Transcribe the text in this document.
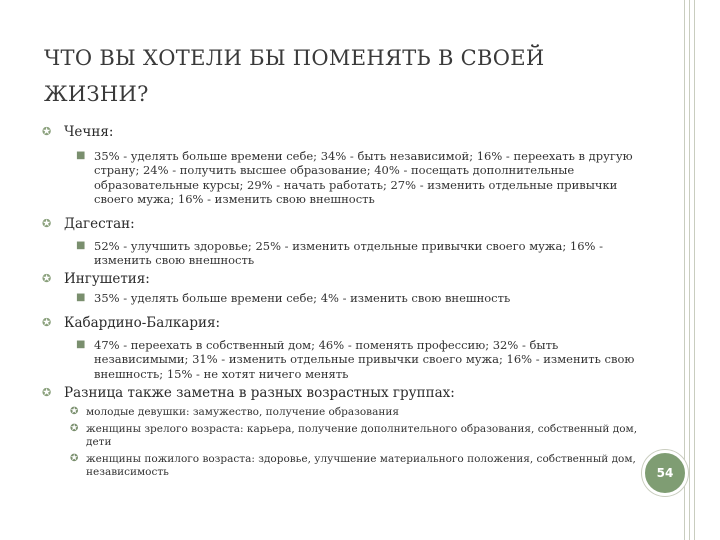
ЧТО ВЫ ХОТЕЛИ БЫ ПОМЕНЯТЬ В СВОЕЙ ЖИЗНИ?
✪ Чечня:
■ 35% - уделять больше времени себе; 34% - быть независимой; 16% - переехать в другую страну; 24% - получить высшее образование; 40% - посещать дополнительные образовательные курсы; 29% - начать работать; 27% - изменить отдельные привычки своего мужа; 16% - изменить свою внешность
✪ Дагестан:
■ 52% - улучшить здоровье; 25% - изменить отдельные привычки своего мужа; 16% - изменить свою внешность
✪ Ингушетия:
■ 35% - уделять больше времени себе; 4% - изменить свою внешность
✪ Кабардино-Балкария:
■ 47% - переехать в собственный дом; 46% - поменять профессию; 32% - быть независимыми; 31% - изменить отдельные привычки своего мужа; 16% - изменить свою внешность; 15% - не хотят ничего менять
✪ Разница также заметна в разных возрастных группах:
✪ молодые девушки: замужество, получение образования
✪ женщины зрелого возраста: карьера, получение дополнительного образования, собственный дом, дети
✪ женщины пожилого возраста: здоровье, улучшение материального положения, собственный дом, независимость	54
